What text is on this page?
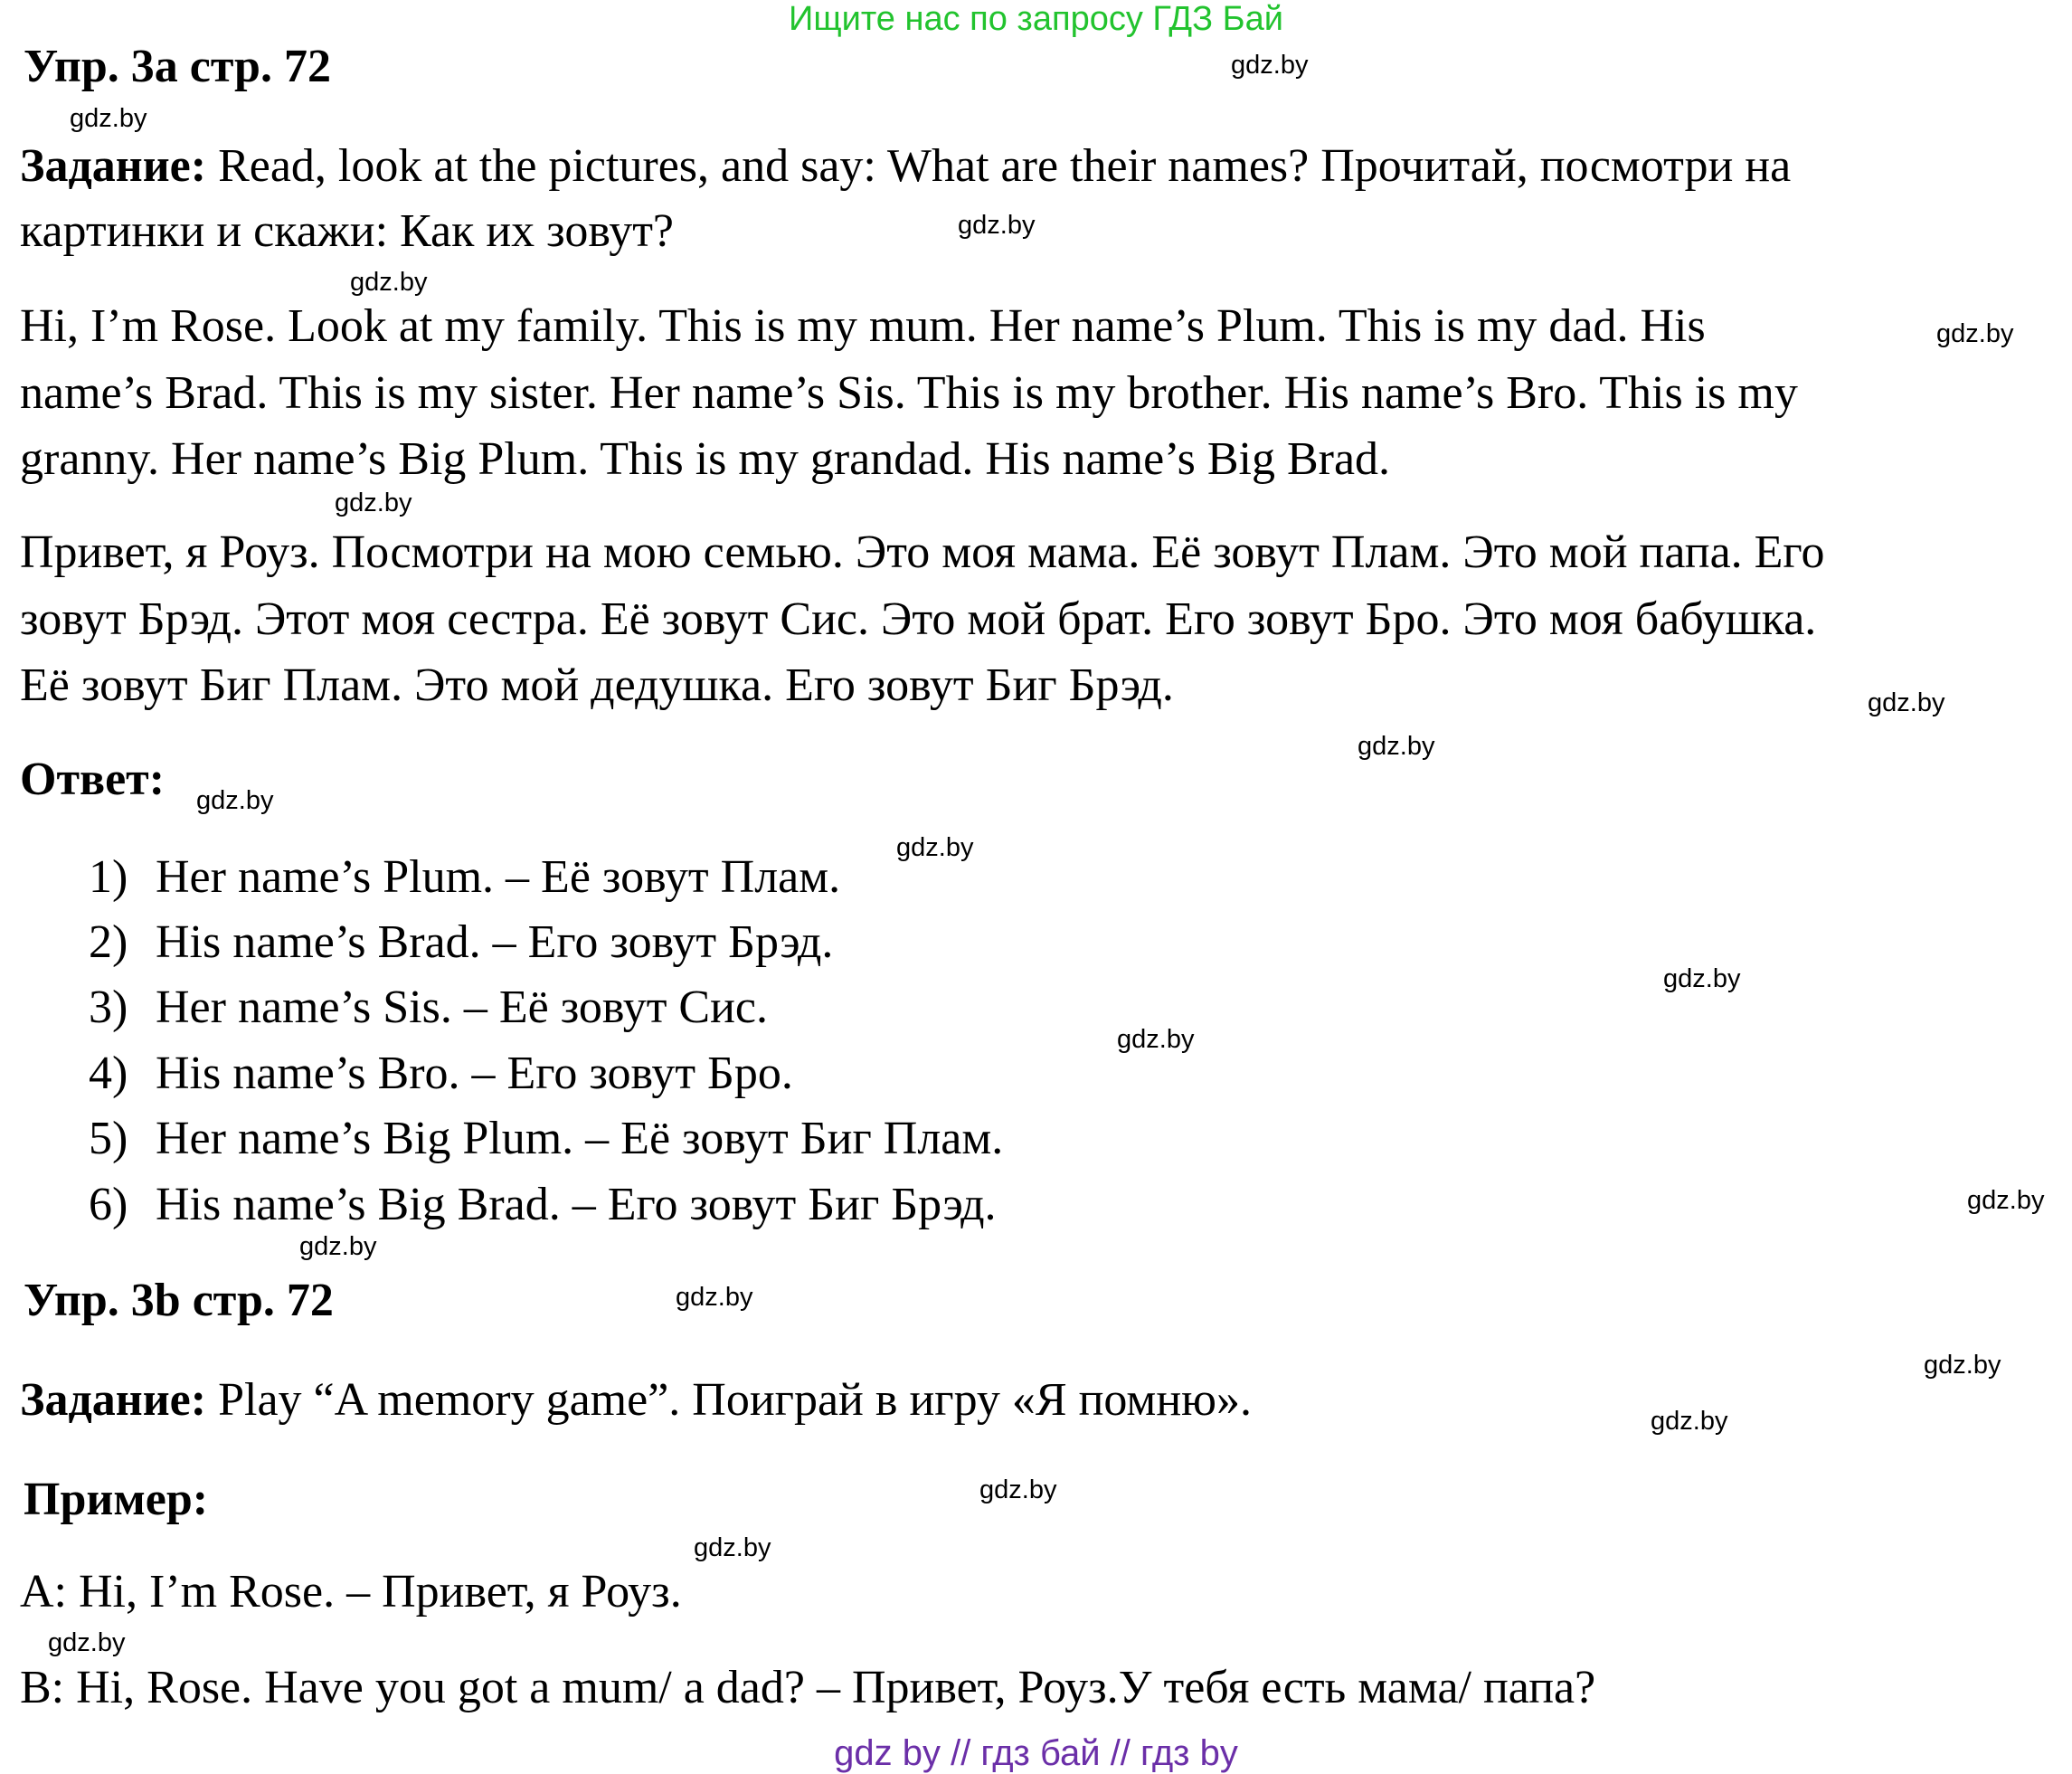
Ищите нас по запросу ГДЗ Бай
Упр. 3а стр. 72
Задание: Read, look at the pictures, and say: What are their names? Прочитай, посмотри на
картинки и скажи: Как их зовут?
Hi, I’m Rose. Look at my family. This is my mum. Her name’s Plum. This is my dad. His
name’s Brad. This is my sister. Her name’s Sis. This is my brother. His name’s Bro. This is my
granny. Her name’s Big Plum. This is my grandad. His name’s Big Brad.
Привет, я Роуз. Посмотри на мою семью. Это моя мама. Её зовут Плам. Это мой папа. Его
зовут Брэд. Этот моя сестра. Её зовут Сис. Это мой брат. Его зовут Бро. Это моя бабушка.
Её зовут Биг Плам. Это мой дедушка. Его зовут Биг Брэд.
Ответ:
1) Her name’s Plum. – Её зовут Плам.
2) His name’s Brad. – Его зовут Брэд.
3) Her name’s Sis. – Её зовут Сис.
4) His name’s Bro. – Его зовут Бро.
5) Her name’s Big Plum. – Её зовут Биг Плам.
6) His name’s Big Brad. – Его зовут Биг Брэд.
Упр. 3b стр. 72
Задание: Play “A memory game”. Поиграй в игру «Я помню».
Пример:
A: Hi, I’m Rose. – Привет, я Роуз.
B: Hi, Rose. Have you got a mum/ a dad? – Привет, Роуз.У тебя есть мама/ папа?
gdz.by
gdz.by
gdz.by
gdz.by
gdz.by
gdz.by
gdz.by
gdz.by
gdz.by
gdz.by
gdz.by
gdz.by
gdz.by
gdz.by
gdz.by
gdz.by
gdz.by
gdz.by
gdz.by
gdz.by
gdz by // гдз бай // гдз by
